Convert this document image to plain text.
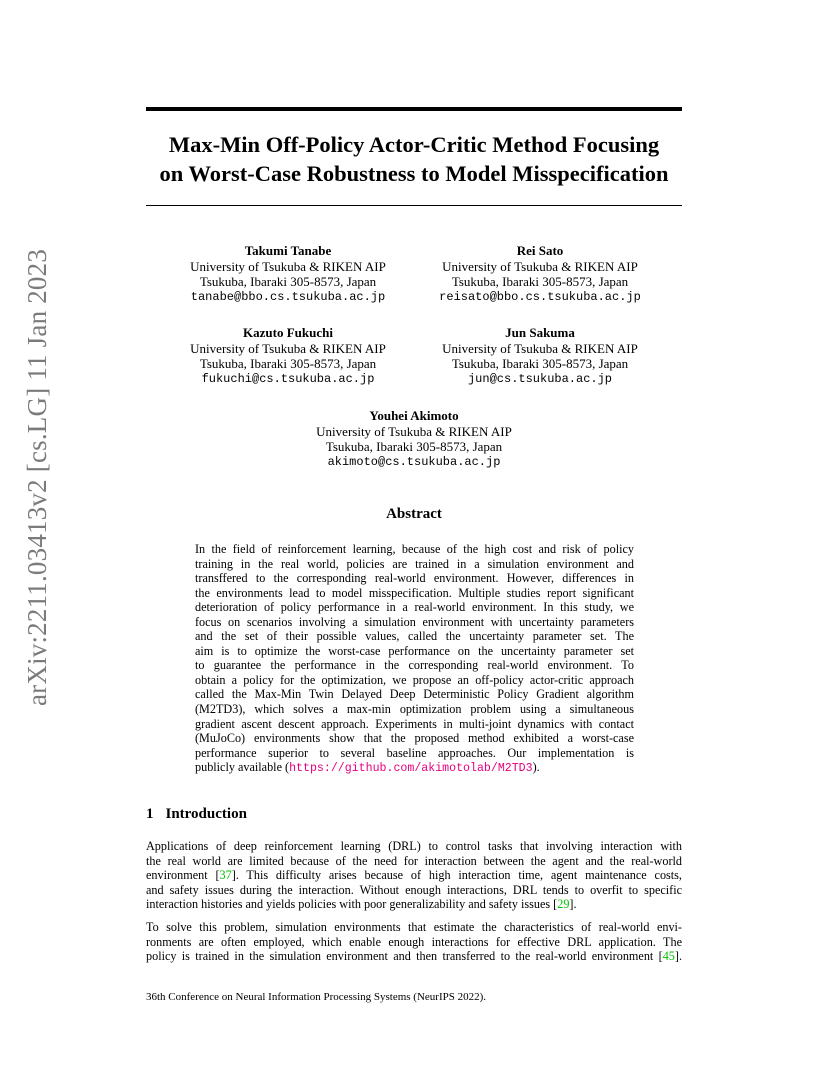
arXiv:2211.03413v2 [cs.LG] 11 Jan 2023
Max-Min Off-Policy Actor-Critic Method Focusing
on Worst-Case Robustness to Model Misspecification
Takumi Tanabe
University of Tsukuba & RIKEN AIP
Tsukuba, Ibaraki 305-8573, Japan
tanabe@bbo.cs.tsukuba.ac.jp
Rei Sato
University of Tsukuba & RIKEN AIP
Tsukuba, Ibaraki 305-8573, Japan
reisato@bbo.cs.tsukuba.ac.jp
Kazuto Fukuchi
University of Tsukuba & RIKEN AIP
Tsukuba, Ibaraki 305-8573, Japan
fukuchi@cs.tsukuba.ac.jp
Jun Sakuma
University of Tsukuba & RIKEN AIP
Tsukuba, Ibaraki 305-8573, Japan
jun@cs.tsukuba.ac.jp
Youhei Akimoto
University of Tsukuba & RIKEN AIP
Tsukuba, Ibaraki 305-8573, Japan
akimoto@cs.tsukuba.ac.jp
Abstract
In the field of reinforcement learning, because of the high cost and risk of policy
training in the real world, policies are trained in a simulation environment and
transffered to the corresponding real-world environment. However, differences in
the environments lead to model misspecification. Multiple studies report significant
deterioration of policy performance in a real-world environment. In this study, we
focus on scenarios involving a simulation environment with uncertainty parameters
and the set of their possible values, called the uncertainty parameter set. The
aim is to optimize the worst-case performance on the uncertainty parameter set
to guarantee the performance in the corresponding real-world environment. To
obtain a policy for the optimization, we propose an off-policy actor-critic approach
called the Max-Min Twin Delayed Deep Deterministic Policy Gradient algorithm
(M2TD3), which solves a max-min optimization problem using a simultaneous
gradient ascent descent approach. Experiments in multi-joint dynamics with contact
(MuJoCo) environments show that the proposed method exhibited a worst-case
performance superior to several baseline approaches. Our implementation is
publicly available (https://github.com/akimotolab/M2TD3).
1 Introduction
Applications of deep reinforcement learning (DRL) to control tasks that involving interaction with
the real world are limited because of the need for interaction between the agent and the real-world
environment [37]. This difficulty arises because of high interaction time, agent maintenance costs,
and safety issues during the interaction. Without enough interactions, DRL tends to overfit to specific
interaction histories and yields policies with poor generalizability and safety issues [29].
To solve this problem, simulation environments that estimate the characteristics of real-world envi-
ronments are often employed, which enable enough interactions for effective DRL application. The
policy is trained in the simulation environment and then transferred to the real-world environment [45].
36th Conference on Neural Information Processing Systems (NeurIPS 2022).
